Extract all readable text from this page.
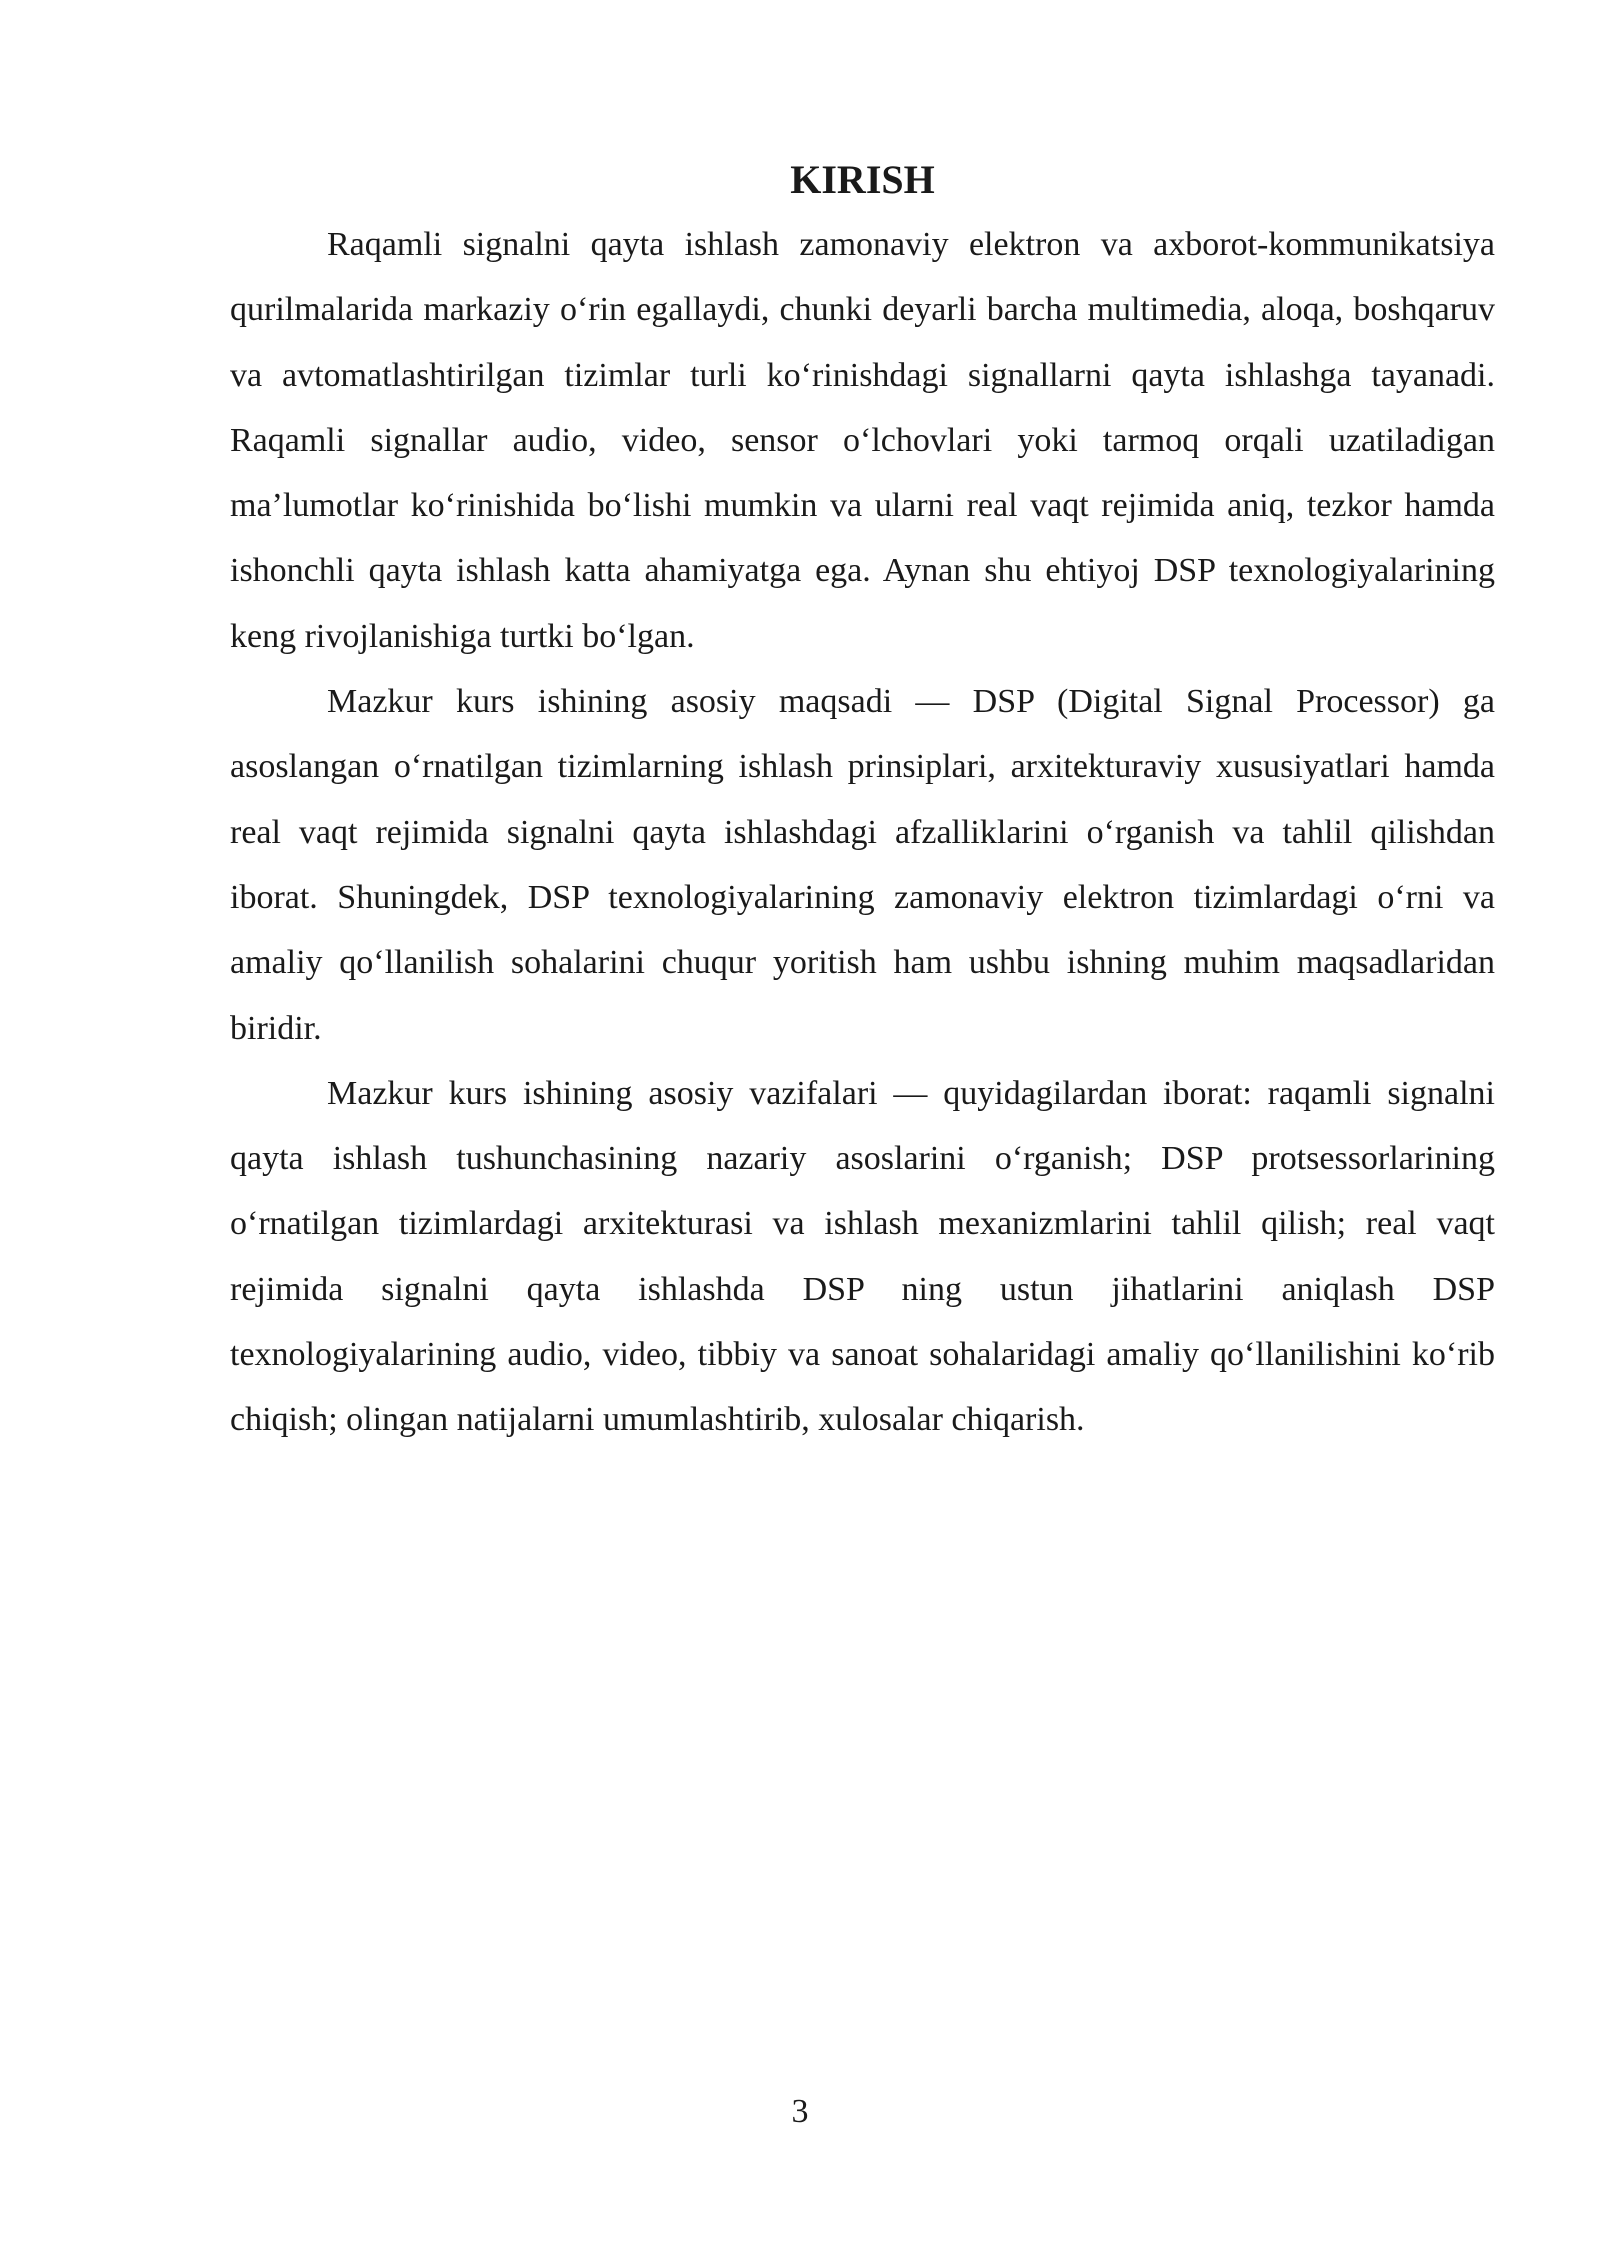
KIRISH

Raqamli signalni qayta ishlash zamonaviy elektron va axborot-kommunikatsiya qurilmalarida markaziy o‘rin egallaydi, chunki deyarli barcha multimedia, aloqa, boshqaruv va avtomatlashtirilgan tizimlar turli ko‘rinishdagi signallarni qayta ishlashga tayanadi. Raqamli signallar audio, video, sensor o‘lchovlari yoki tarmoq orqali uzatiladigan ma’lumotlar ko‘rinishida bo‘lishi mumkin va ularni real vaqt rejimida aniq, tezkor hamda ishonchli qayta ishlash katta ahamiyatga ega. Aynan shu ehtiyoj DSP texnologiyalarining keng rivojlanishiga turtki bo‘lgan.

Mazkur kurs ishining asosiy maqsadi — DSP (Digital Signal Processor) ga asoslangan o‘rnatilgan tizimlarning ishlash prinsiplari, arxitekturaviy xususiyatlari hamda real vaqt rejimida signalni qayta ishlashdagi afzalliklarini o‘rganish va tahlil qilishdan iborat. Shuningdek, DSP texnologiyalarining zamonaviy elektron tizimlardagi o‘rni va amaliy qo‘llanilish sohalarini chuqur yoritish ham ushbu ishning muhim maqsadlaridan biridir.

Mazkur kurs ishining asosiy vazifalari — quyidagilardan iborat: raqamli signalni qayta ishlash tushunchasining nazariy asoslarini o‘rganish; DSP protsessorlarining o‘rnatilgan tizimlardagi arxitekturasi va ishlash mexanizmlarini tahlil qilish; real vaqt rejimida signalni qayta ishlashda DSP ning ustun jihatlarini aniqlash DSP texnologiyalarining audio, video, tibbiy va sanoat sohalaridagi amaliy qo‘llanilishini ko‘rib chiqish; olingan natijalarni umumlashtirib, xulosalar chiqarish.

3
